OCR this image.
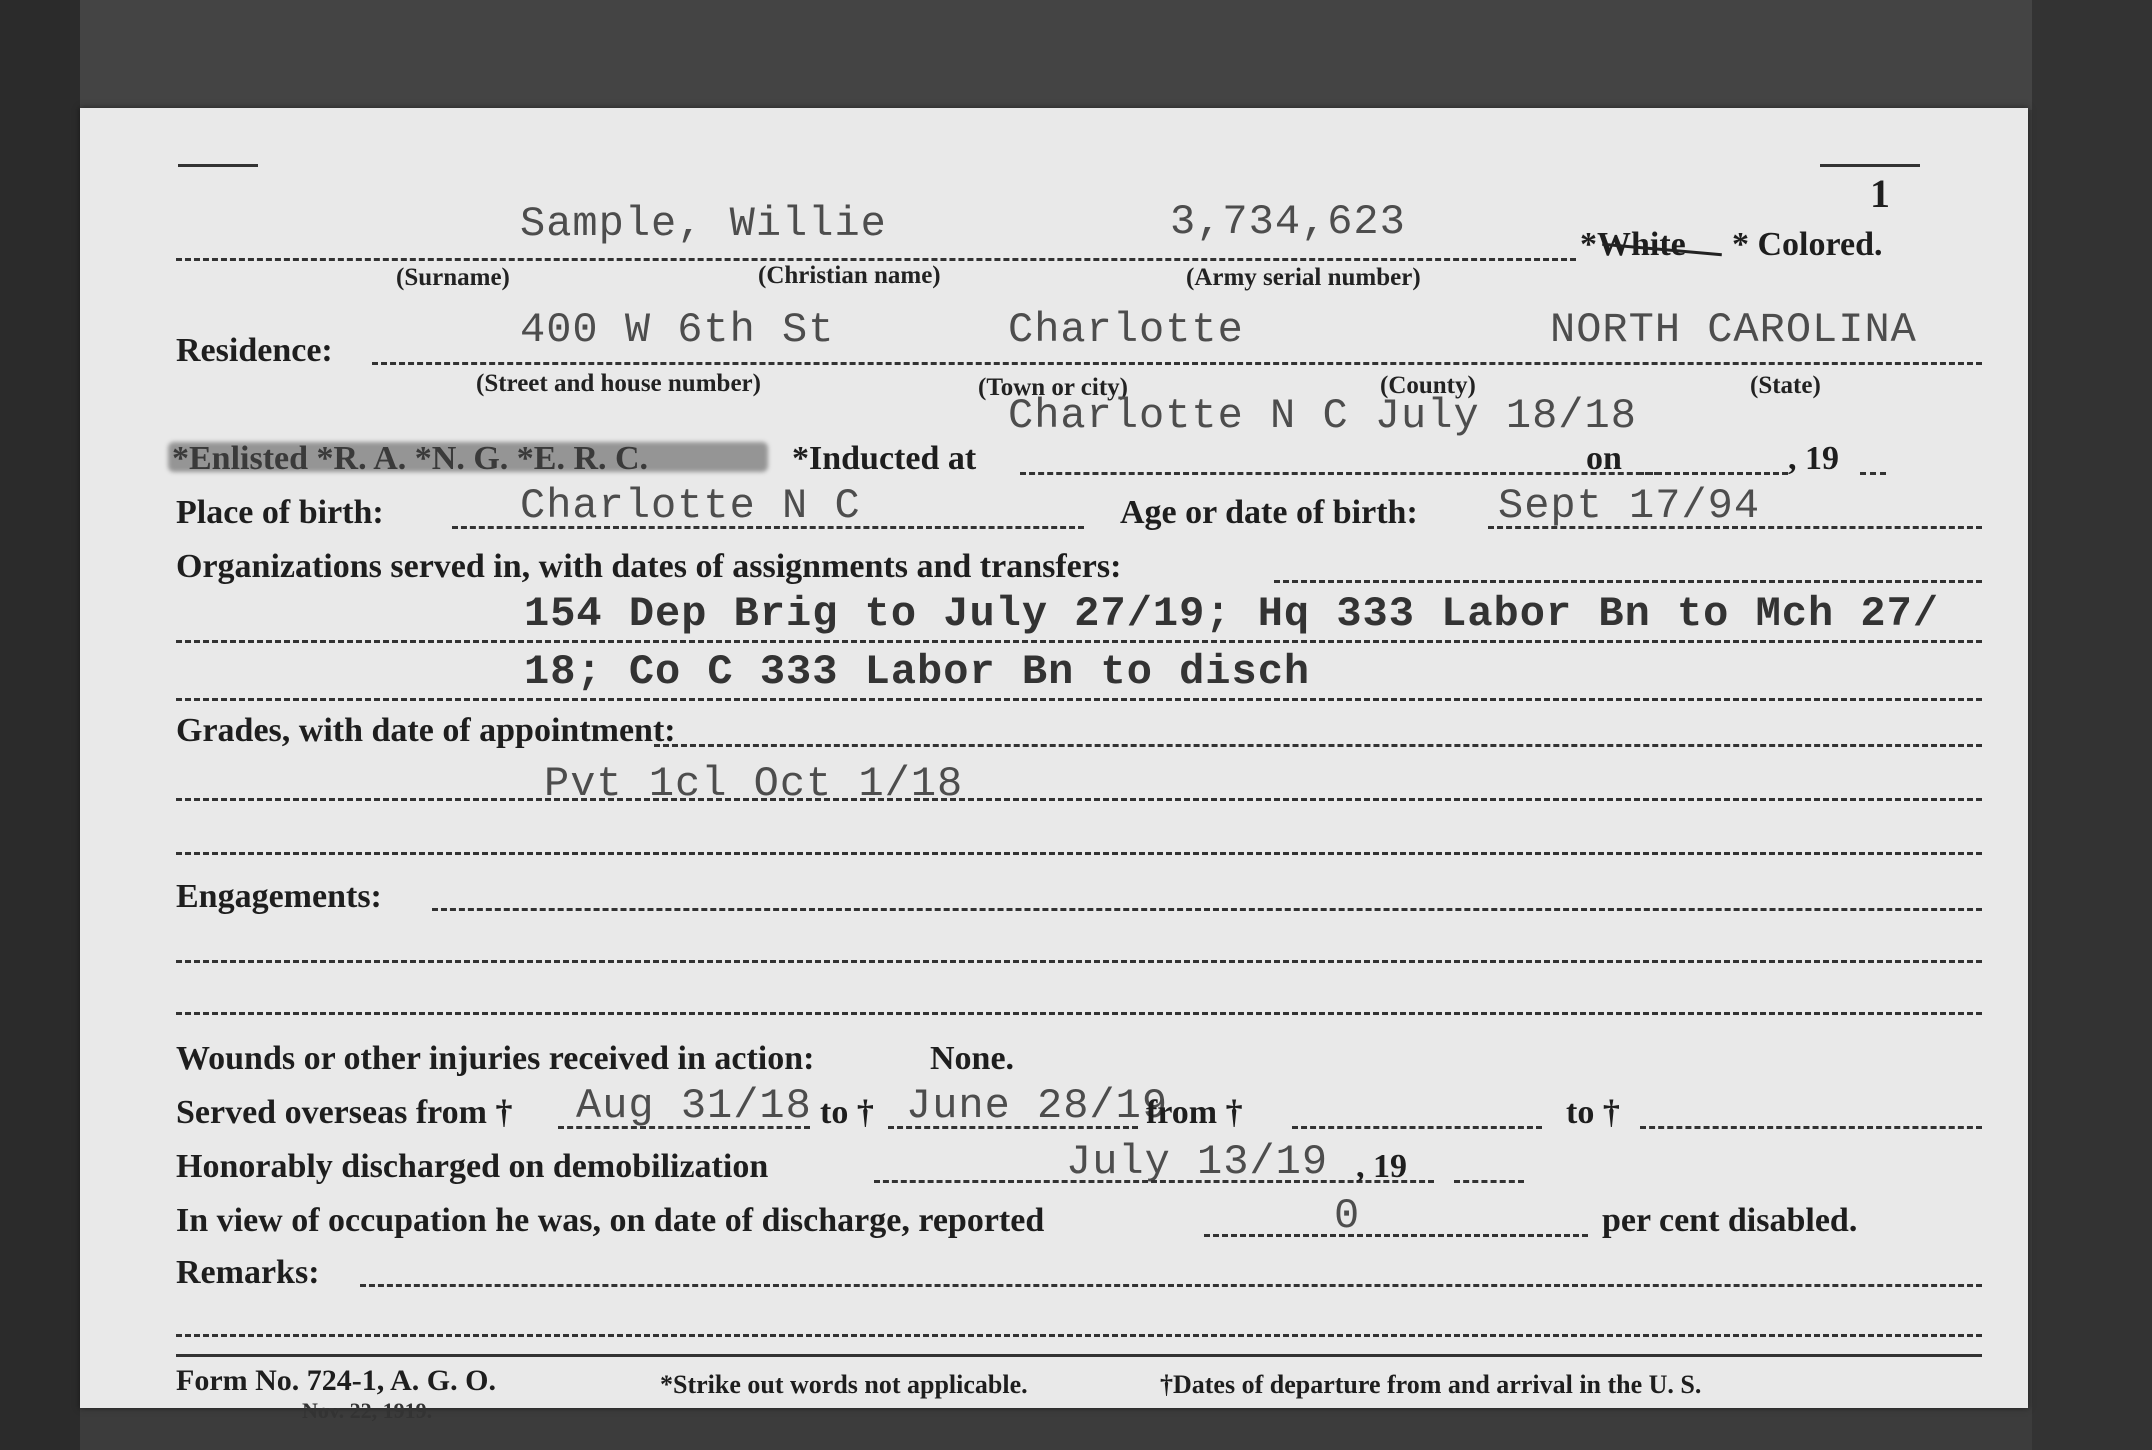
1
Sample, Willie	3,734,623	*White * Colored.
(Surname)	(Christian name)	(Army serial number)
Residence:	400 W 6th St	Charlotte	NORTH CAROLINA
(Street and house number)	(Town or city)	(County)	(State)
Charlotte N C July 18/18
*Enlisted *R. A. *N. G. *E. R. C.	*Inducted at	on	, 19
Place of birth:	Charlotte N C	Age or date of birth: Sept 17/94
Organizations served in, with dates of assignments and transfers:
154 Dep Brig to July 27/19; Hq 333 Labor Bn to Mch 27/
18; Co C 333 Labor Bn to disch
Grades, with date of appointment:
Pvt 1cl Oct 1/18
Engagements:
Wounds or other injuries received in action:	None.
Served overseas from † Aug 31/18 to † June 28/19
from †	to †
Honorably discharged on demobilization	July 13/19 , 19
In view of occupation he was, on date of discharge, reported	0	per cent disabled.
Remarks:
Form No. 724-1, A. G. O.
Nov. 22, 1919.
*Strike out words not applicable.	†Dates of departure from and arrival in the U. S.
